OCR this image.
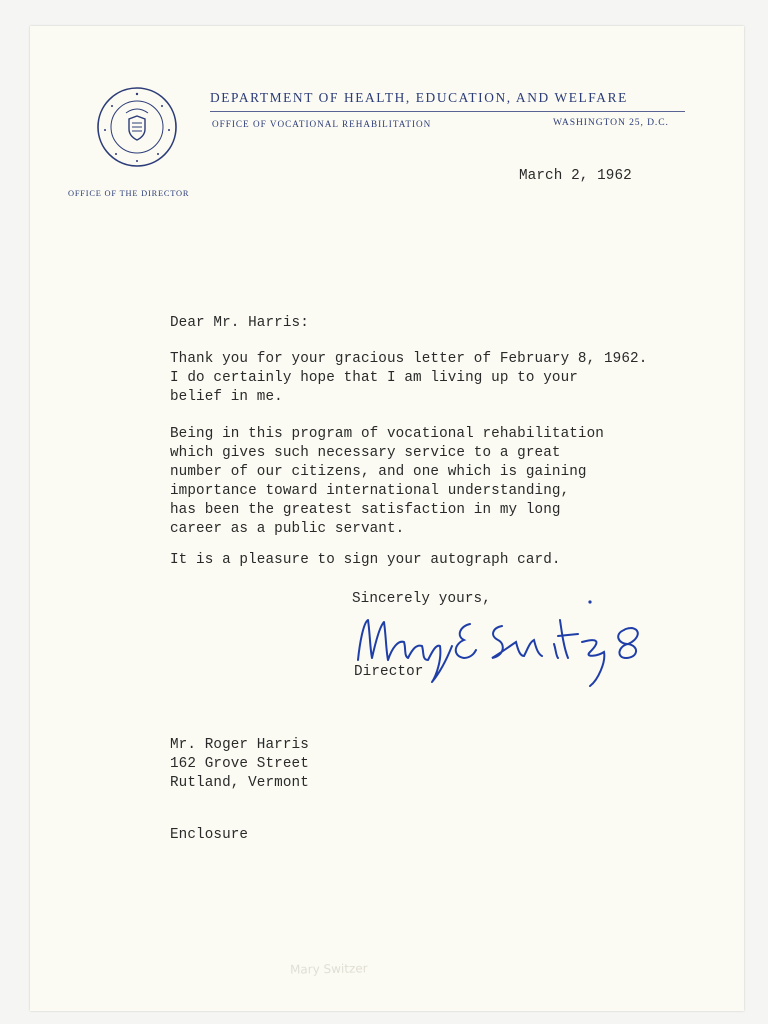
DEPARTMENT OF HEALTH, EDUCATION, AND WELFARE
OFFICE OF VOCATIONAL REHABILITATION	WASHINGTON 25, D.C.
OFFICE OF THE DIRECTOR
March 2, 1962
Dear Mr. Harris:
Thank you for your gracious letter of February 8, 1962.
I do certainly hope that I am living up to your
belief in me.
Being in this program of vocational rehabilitation
which gives such necessary service to a great
number of our citizens, and one which is gaining
importance toward international understanding,
has been the greatest satisfaction in my long
career as a public servant.
It is a pleasure to sign your autograph card.
Sincerely yours,
Director
Mr. Roger Harris
162 Grove Street
Rutland, Vermont
Enclosure
Mary Switzer
